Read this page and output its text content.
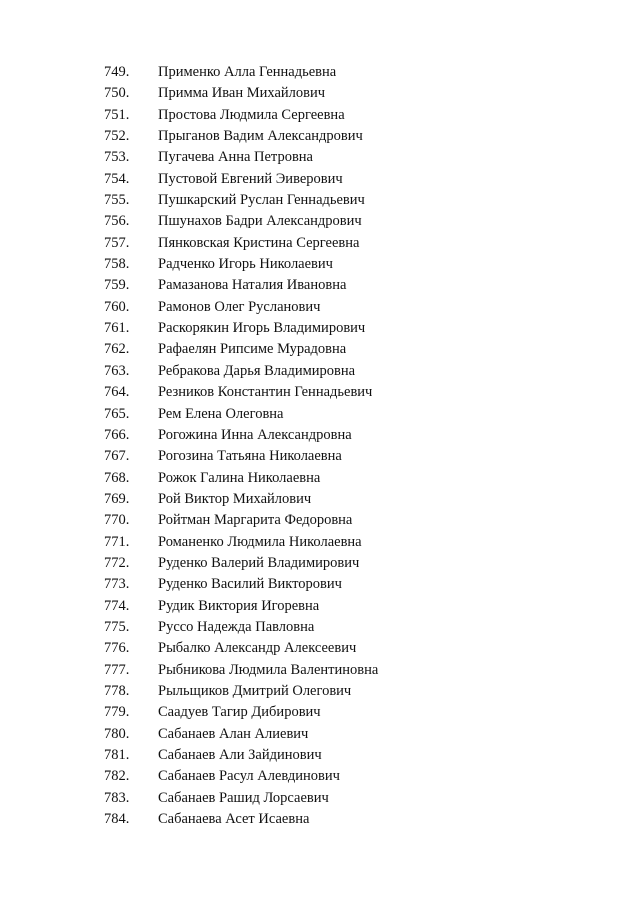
749.	Применко Алла Геннадьевна
750.	Примма Иван Михайлович
751.	Простова Людмила Сергеевна
752.	Прыганов Вадим Александрович
753.	Пугачева Анна Петровна
754.	Пустовой Евгений Эиверович
755.	Пушкарский Руслан Геннадьевич
756.	Пшунахов Бадри Александрович
757.	Пянковская Кристина Сергеевна
758.	Радченко Игорь Николаевич
759.	Рамазанова Наталия Ивановна
760.	Рамонов Олег Русланович
761.	Раскорякин Игорь Владимирович
762.	Рафаелян Рипсиме Мурадовна
763.	Ребракова Дарья Владимировна
764.	Резников Константин Геннадьевич
765.	Рем Елена Олеговна
766.	Рогожина Инна Александровна
767.	Рогозина Татьяна Николаевна
768.	Рожок Галина Николаевна
769.	Рой Виктор Михайлович
770.	Ройтман Маргарита Федоровна
771.	Романенко Людмила Николаевна
772.	Руденко Валерий Владимирович
773.	Руденко Василий Викторович
774.	Рудик Виктория Игоревна
775.	Руссо Надежда Павловна
776.	Рыбалко Александр Алексеевич
777.	Рыбникова Людмила Валентиновна
778.	Рыльщиков Дмитрий Олегович
779.	Саадуев Тагир Дибирович
780.	Сабанаев Алан Алиевич
781.	Сабанаев Али Зайдинович
782.	Сабанаев Расул Алевдинович
783.	Сабанаев Рашид Лорсаевич
784.	Сабанаева Асет Исаевна
